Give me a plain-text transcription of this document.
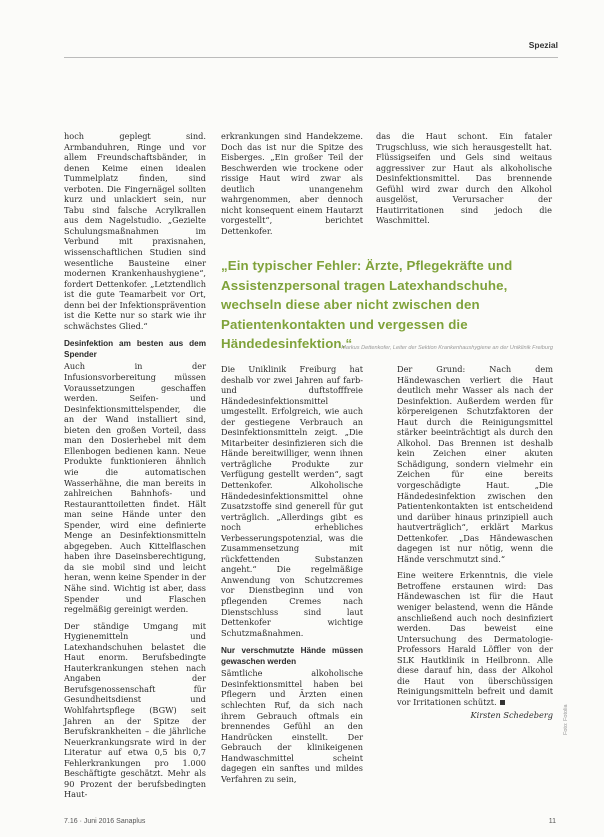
Spezial

hoch geplegt sind. Armbanduhren, Ringe und vor allem Freundschaftsbänder, in denen Keime einen idealen Tummelplatz finden, sind verboten. Die Fingernägel sollten kurz und unlackiert sein, nur Tabu sind falsche Acrylkrallen aus dem Nagelstudio. „Gezielte Schulungsmaßnahmen im Verbund mit praxisnahen, wissenschaftlichen Studien sind wesentliche Bausteine einer modernen Krankenhaushygiene“, fordert Dettenkofer. „Letztendlich ist die gute Teamarbeit vor Ort, denn bei der Infektionsprävention ist die Kette nur so stark wie ihr schwächstes Glied.“

Desinfektion am besten aus dem Spender

Auch in der Infusionsvorbereitung müssen Voraussetzungen geschaffen werden. Seifen- und Desinfektionsmittelspender, die an der Wand installiert sind, bieten den großen Vorteil, dass man den Dosierhebel mit dem Ellenbogen bedienen kann. Neue Produkte funktionieren ähnlich wie die automatischen Wasserhähne, die man bereits in zahlreichen Bahnhofs- und Restauranttoiletten findet. Hält man seine Hände unter den Spender, wird eine definierte Menge an Desinfektionsmitteln abgegeben. Auch Kittelflaschen haben ihre Daseinsberechtigung, da sie mobil sind und leicht heran, wenn keine Spender in der Nähe sind. Wichtig ist aber, dass Spender und Flaschen regelmäßig gereinigt werden.

Der ständige Umgang mit Hygienemitteln und Latexhandschuhen belastet die Haut enorm. Berufsbedingte Hauterkrankungen stehen nach Angaben der Berufsgenossenschaft für Gesundheitsdienst und Wohlfahrtspflege (BGW) seit Jahren an der Spitze der Berufskrankheiten – die jährliche Neuerkrankungsrate wird in der Literatur auf etwa 0,5 bis 0,7 Fehlerkrankungen pro 1.000 Beschäftigte geschätzt. Mehr als 90 Prozent der berufsbedingten Haut-

erkrankungen sind Handekzeme. Doch das ist nur die Spitze des Eisberges. „Ein großer Teil der Beschwerden wie trockene oder rissige Haut wird zwar als deutlich unangenehm wahrgenommen, aber dennoch nicht konsequent einem Hautarzt vorgestellt“, berichtet Dettenkofer.

das die Haut schont. Ein fataler Trugschluss, wie sich herausgestellt hat. Flüssigseifen und Gels sind weitaus aggressiver zur Haut als alkoholische Desinfektionsmittel. Das brennende Gefühl wird zwar durch den Alkohol ausgelöst, Verursacher der Hautirritationen sind jedoch die Waschmittel.

„Ein typischer Fehler: Ärzte, Pflegekräfte und Assistenzpersonal tragen Latexhandschuhe, wechseln diese aber nicht zwischen den Patientenkontakten und vergessen die Händedesinfektion.“
Markus Dettenkofer, Leiter der Sektion Krankenhaushygiene an der Uniklinik Freiburg

Die Uniklinik Freiburg hat deshalb vor zwei Jahren auf farb- und duftstofffreie Händedesinfektionsmittel umgestellt. Erfolgreich, wie auch der gestiegene Verbrauch an Desinfektionsmitteln zeigt. „Die Mitarbeiter desinfizieren sich die Hände bereitwilliger, wenn ihnen verträgliche Produkte zur Verfügung gestellt werden“, sagt Dettenkofer. Alkoholische Händedesinfektionsmittel ohne Zusatzstoffe sind generell für gut verträglich. „Allerdings gibt es noch erhebliches Verbesserungspotenzial, was die Zusammensetzung mit rückfettenden Substanzen angeht.“ Die regelmäßige Anwendung von Schutzcremes vor Dienstbeginn und von pflegenden Cremes nach Dienstschluss sind laut Dettenkofer wichtige Schutzmaßnahmen.

Nur verschmutzte Hände müssen gewaschen werden

Sämtliche alkoholische Desinfektionsmittel haben bei Pflegern und Ärzten einen schlechten Ruf, da sich nach ihrem Gebrauch oftmals ein brennendes Gefühl an den Handrücken einstellt. Der Gebrauch der klinikeigenen Handwaschmittel scheint dagegen ein sanftes und mildes Verfahren zu sein,

Der Grund: Nach dem Händewaschen verliert die Haut deutlich mehr Wasser als nach der Desinfektion. Außerdem werden für körpereigenen Schutzfaktoren der Haut durch die Reinigungsmittel stärker beeinträchtigt als durch den Alkohol. Das Brennen ist deshalb kein Zeichen einer akuten Schädigung, sondern vielmehr ein Zeichen für eine bereits vorgeschädigte Haut. „Die Händedesinfektion zwischen den Patientenkontakten ist entscheidend und darüber hinaus prinzipiell auch hautverträglich“, erklärt Markus Dettenkofer. „Das Händewaschen dagegen ist nur nötig, wenn die Hände verschmutzt sind.“

Eine weitere Erkenntnis, die viele Betroffene erstaunen wird: Das Händewaschen ist für die Haut weniger belastend, wenn die Hände anschließend auch noch desinfiziert werden. Das beweist eine Untersuchung des Dermatologie-Professors Harald Löffler von der SLK Hautklinik in Heilbronn. Alle diese darauf hin, dass der Alkohol die Haut von überschüssigen Reinigungsmitteln befreit und damit vor Irritationen schützt.

Kirsten Schedeberg Foto: Fotolia
7.16 · Juni 2016 Sanaplus	11
